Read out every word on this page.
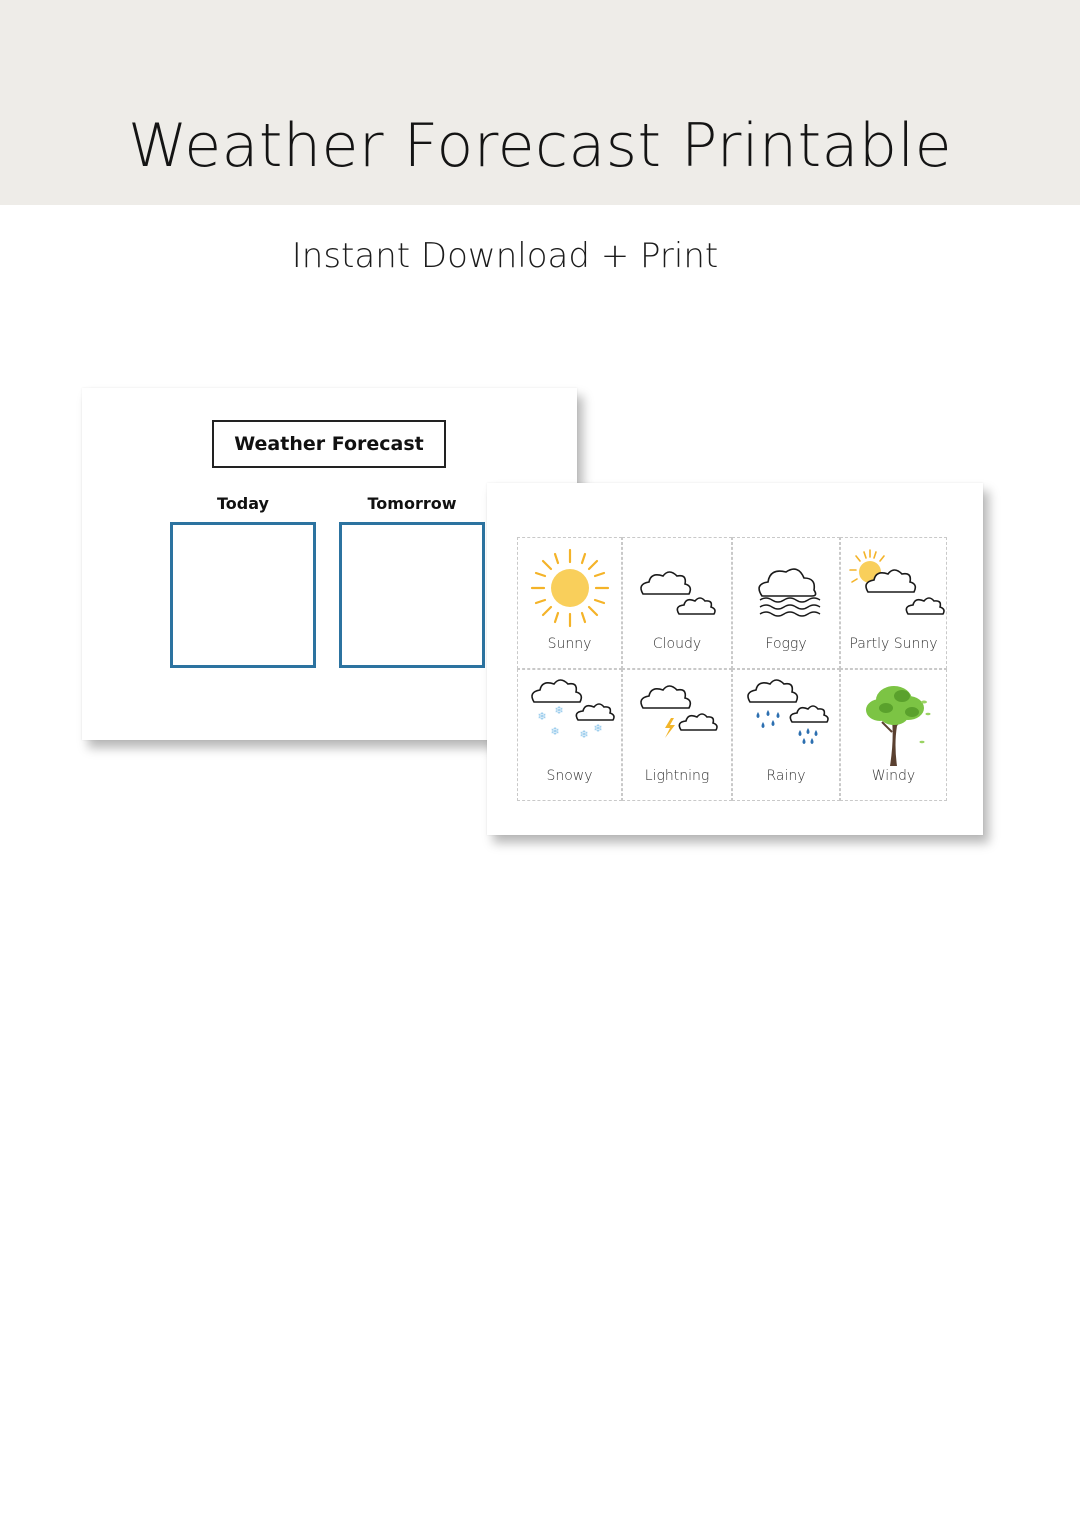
Weather Forecast Printable
Instant Download + Print
Weather Forecast
Today	Tomorrow
Sunny	Cloudy	Foggy	Partly Sunny
❄ ❄
❄ ❄ ❄
Snowy	Lightning	Rainy	Windy
